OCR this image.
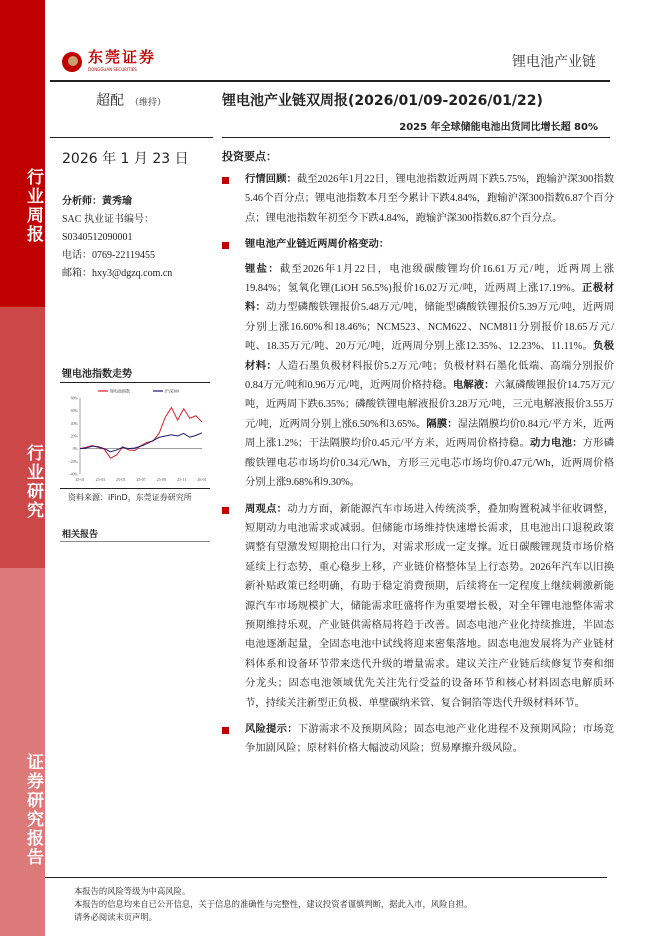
行业周报
行业研究
证券研究报告
东莞证券
DONGGUAN SECURITIES	锂电池产业链
超配 （维持）	锂电池产业链双周报(2026/01/09-2026/01/22)
2025 年全球储能电池出货同比增长超 80%
2026 年 1 月 23 日
分析师：黄秀瑜
SAC 执业证书编号：
S0340512090001
电话：0769-22119455
邮箱：hxy3@dgzq.com.cn
锂电池指数走势
80%
60%
40%
20%
0%
-20%
-40%
25-01	25-03	25-05	25-07	25-09	25-11	26-01
锂电池指数	沪深300
资料来源：iFinD，东莞证券研究所
相关报告
投资要点：
行情回顾：截至2026年1月22日，锂电池指数近两周下跌5.75%，跑输沪深300指数5.46个百分点；锂电池指数本月至今累计下跌4.84%，跑输沪深300指数6.87个百分点；锂电池指数年初至今下跌4.84%，跑输沪深300指数6.87个百分点。
锂电池产业链近两周价格变动：
锂盐：截至2026年1月22日，电池级碳酸锂均价16.61万元/吨，近两周上涨19.84%；氢氧化锂(LiOH 56.5%)报价16.02万元/吨，近两周上涨17.19%。正极材料：动力型磷酸铁锂报价5.48万元/吨，储能型磷酸铁锂报价5.39万元/吨，近两周分别上涨16.60%和18.46%；NCM523、NCM622、NCM811分别报价18.65万元/吨、18.35万元/吨、20万元/吨，近两周分别上涨12.35%、12.23%、11.11%。负极材料：人造石墨负极材料报价5.2万元/吨；负极材料石墨化低端、高端分别报价0.84万元/吨和0.96万元/吨，近两周价格持稳。电解液：六氟磷酸锂报价14.75万元/吨，近两周下跌6.35%；磷酸铁锂电解液报价3.28万元/吨，三元电解液报价3.55万元/吨，近两周分别上涨6.50%和3.65%。隔膜：湿法隔膜均价0.84元/平方米，近两周上涨1.2%；干法隔膜均价0.45元/平方米，近两周价格持稳。动力电池：方形磷酸铁锂电芯市场均价0.34元/Wh，方形三元电芯市场均价0.47元/Wh，近两周价格分别上涨9.68%和9.30%。
周观点：动力方面，新能源汽车市场进入传统淡季，叠加购置税减半征收调整，短期动力电池需求或减弱。但储能市场维持快速增长需求，且电池出口退税政策调整有望激发短期抢出口行为，对需求形成一定支撑。近日碳酸锂现货市场价格延续上行态势，重心稳步上移，产业链价格整体呈上行态势。2026年汽车以旧换新补贴政策已经明确，有助于稳定消费预期，后续将在一定程度上继续刺激新能源汽车市场规模扩大，储能需求旺盛将作为重要增长极，对全年锂电池整体需求预期维持乐观，产业链供需格局将趋于改善。固态电池产业化持续推进，半固态电池逐渐起量，全固态电池中试线将迎来密集落地。固态电池发展将为产业链材料体系和设备环节带来迭代升级的增量需求。建议关注产业链后续修复节奏和细分龙头；固态电池领域优先关注先行受益的设备环节和核心材料固态电解质环节，持续关注新型正负极、单壁碳纳米管、复合铜箔等迭代升级材料环节。
风险提示：下游需求不及预期风险；固态电池产业化进程不及预期风险；市场竞争加剧风险；原材料价格大幅波动风险；贸易摩擦升级风险。
本报告的风险等级为中高风险。
本报告的信息均来自已公开信息，关于信息的准确性与完整性，建议投资者谨慎判断，据此入市，风险自担。
请务必阅读末页声明。
